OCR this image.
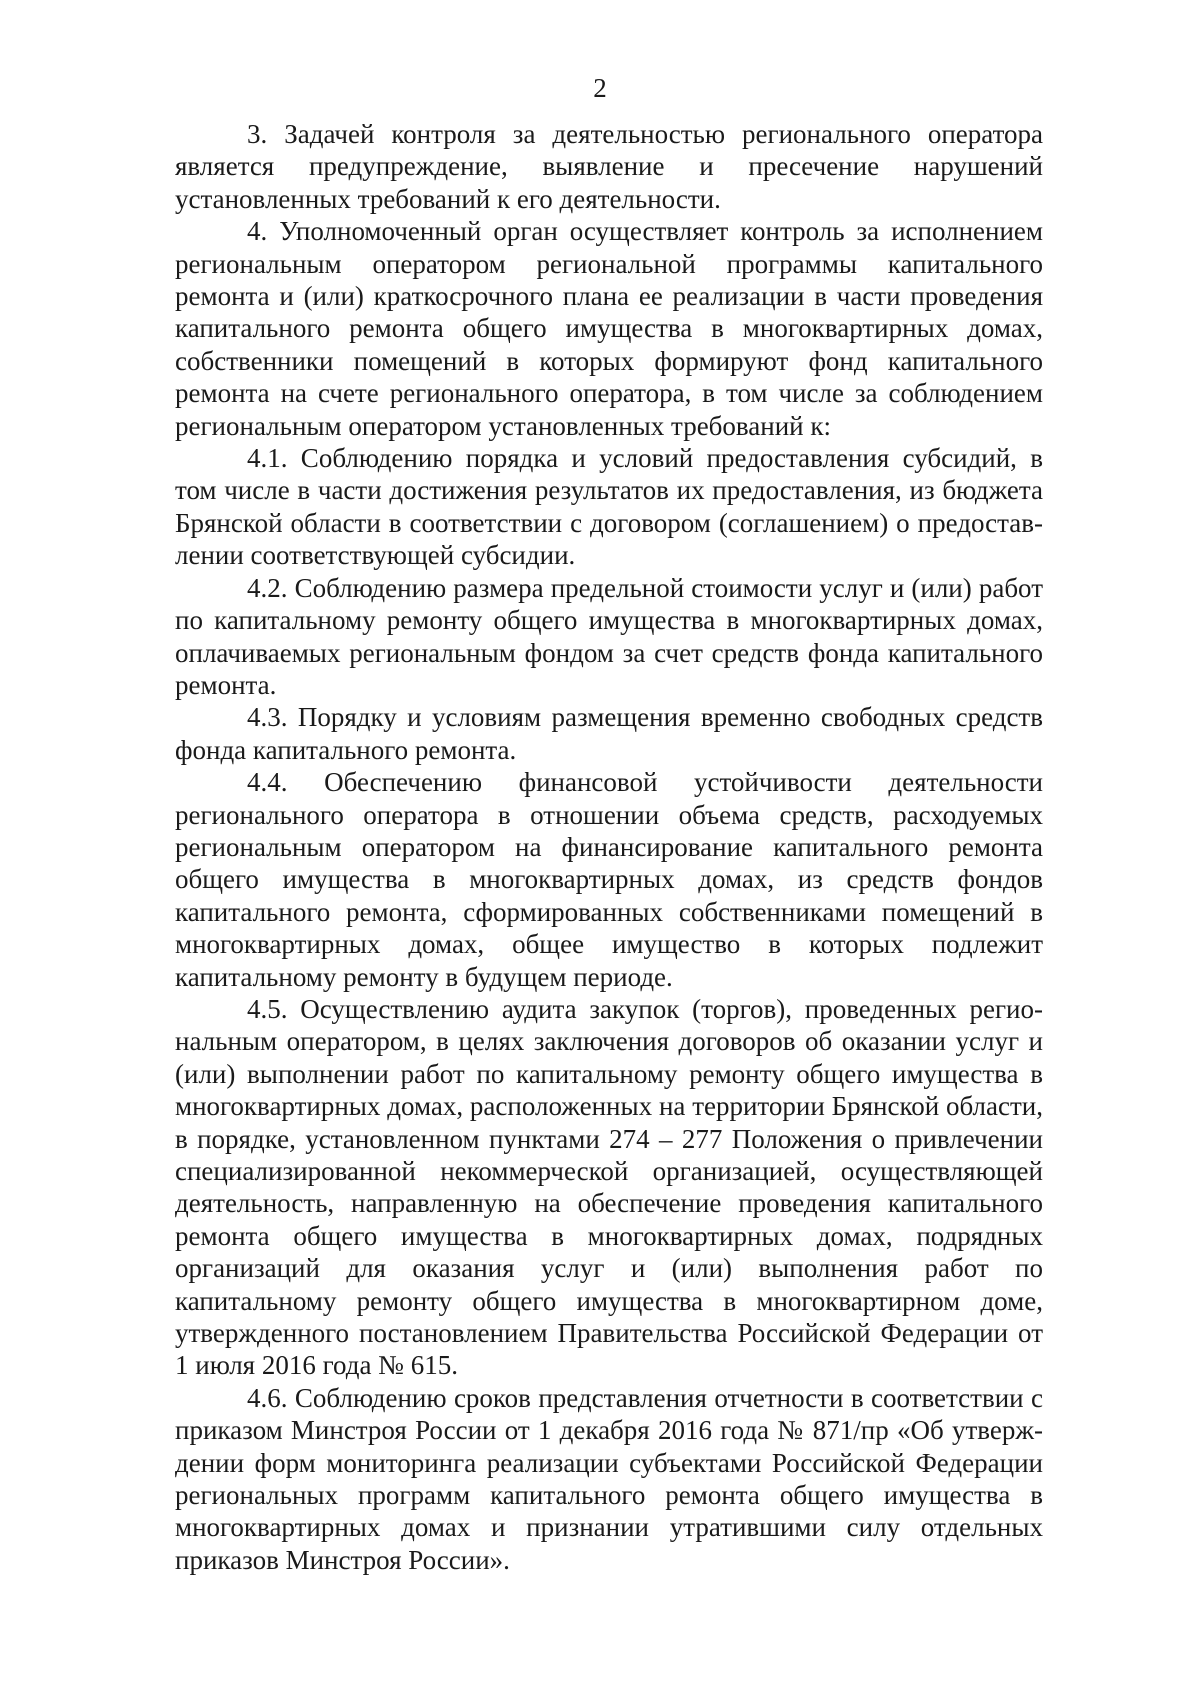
2

3. Задачей контроля за деятельностью регионального оператора является предупреждение, выявление и пресечение нарушений установленных требований к его деятельности.

4. Уполномоченный орган осуществляет контроль за исполнением региональным оператором региональной программы капитального ремонта и (или) краткосрочного плана ее реализации в части проведения капитального ремонта общего имущества в многоквартирных домах, собственники помещений в которых формируют фонд капитального ремонта на счете регионального оператора, в том числе за соблюдением региональным оператором установленных требований к:

4.1. Соблюдению порядка и условий предоставления субсидий, в том числе в части достижения результатов их предоставления, из бюджета Брянской области в соответствии с договором (соглашением) о предоставлении соответствующей субсидии.

4.2. Соблюдению размера предельной стоимости услуг и (или) работ по капитальному ремонту общего имущества в многоквартирных домах, оплачиваемых региональным фондом за счет средств фонда капитального ремонта.

4.3. Порядку и условиям размещения временно свободных средств фонда капитального ремонта.

4.4. Обеспечению финансовой устойчивости деятельности регионального оператора в отношении объема средств, расходуемых региональным оператором на финансирование капитального ремонта общего имущества в многоквартирных домах, из средств фондов капитального ремонта, сформированных собственниками помещений в многоквартирных домах, общее имущество в которых подлежит капитальному ремонту в будущем периоде.

4.5. Осуществлению аудита закупок (торгов), проведенных региональным оператором, в целях заключения договоров об оказании услуг и (или) выполнении работ по капитальному ремонту общего имущества в многоквартирных домах, расположенных на территории Брянской области, в порядке, установленном пунктами 274 – 277 Положения о привлечении специализированной некоммерческой организацией, осуществляющей деятельность, направленную на обеспечение проведения капитального ремонта общего имущества в многоквартирных домах, подрядных организаций для оказания услуг и (или) выполнения работ по капитальному ремонту общего имущества в многоквартирном доме, утвержденного постановлением Правительства Российской Федерации от 1 июля 2016 года № 615.

4.6. Соблюдению сроков представления отчетности в соответствии с приказом Минстроя России от 1 декабря 2016 года № 871/пр «Об утверждении форм мониторинга реализации субъектами Российской Федерации региональных программ капитального ремонта общего имущества в многоквартирных домах и признании утратившими силу отдельных приказов Минстроя России».
